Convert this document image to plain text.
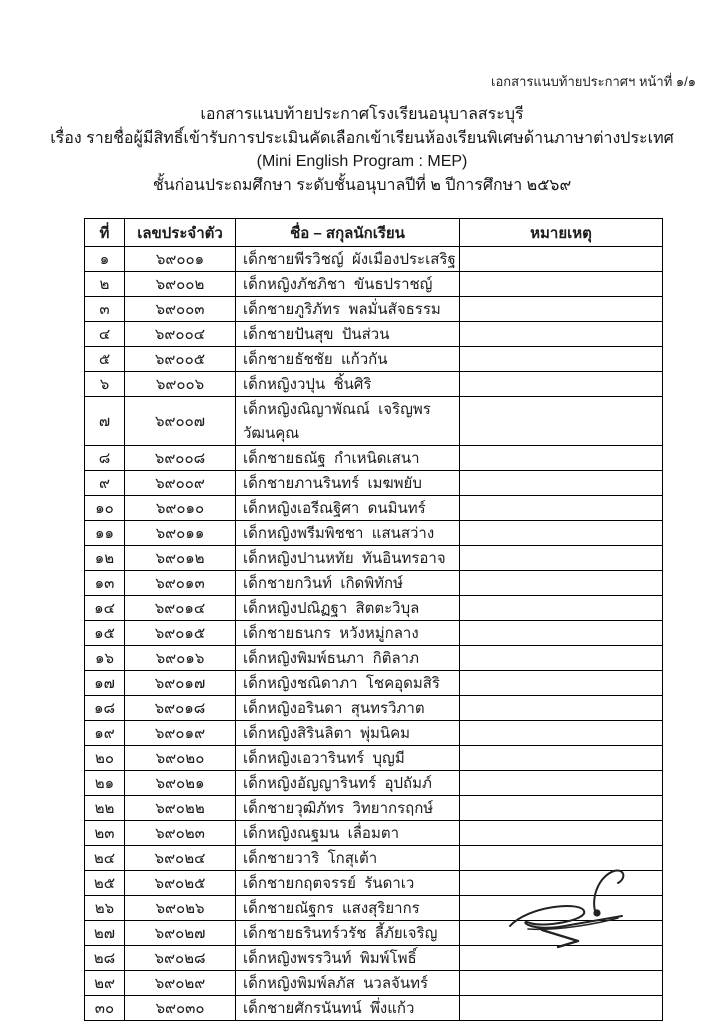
เอกสารแนบท้ายประกาศฯ หน้าที่ ๑/๑
เอกสารแนบท้ายประกาศโรงเรียนอนุบาลสระบุรี
เรื่อง รายชื่อผู้มีสิทธิ์เข้ารับการประเมินคัดเลือกเข้าเรียนห้องเรียนพิเศษด้านภาษาต่างประเทศ
(Mini English Program : MEP)
ชั้นก่อนประถมศึกษา ระดับชั้นอนุบาลปีที่ ๒ ปีการศึกษา ๒๕๖๙
ที่	เลขประจำตัว	ชื่อ – สกุลนักเรียน	หมายเหตุ
๑	๖๙๐๐๑	เด็กชายพีรวิชญ์  ผังเมืองประเสริฐ	
๒	๖๙๐๐๒	เด็กหญิงภัชภิชา  ขันธปราชญ์	
๓	๖๙๐๐๓	เด็กชายภูริภัทร  พลมั่นสัจธรรม	
๔	๖๙๐๐๔	เด็กชายปันสุข  ปันส่วน	
๕	๖๙๐๐๕	เด็กชายธัชชัย  แก้วกัน	
๖	๖๙๐๐๖	เด็กหญิงวปุน  ชิ้นศิริ	
๗	๖๙๐๐๗	เด็กหญิงณิญาพัณณ์  เจริญพรวัฒนคุณ	
๘	๖๙๐๐๘	เด็กชายธณัฐ  กำเหนิดเสนา	
๙	๖๙๐๐๙	เด็กชายภานรินทร์  เมฆพยับ	
๑๐	๖๙๐๑๐	เด็กหญิงเอรีณฐิศา  ดนมินทร์	
๑๑	๖๙๐๑๑	เด็กหญิงพรีมพิชชา  แสนสว่าง	
๑๒	๖๙๐๑๒	เด็กหญิงปานหทัย  ทันอินทรอาจ	
๑๓	๖๙๐๑๓	เด็กชายกวินท์  เกิดพิทักษ์	
๑๔	๖๙๐๑๔	เด็กหญิงปณิฏฐา  สิตตะวิบุล	
๑๕	๖๙๐๑๕	เด็กชายธนกร  หวังหมู่กลาง	
๑๖	๖๙๐๑๖	เด็กหญิงพิมพ์ธนภา  กิติลาภ	
๑๗	๖๙๐๑๗	เด็กหญิงชณิดาภา  โชคอุดมสิริ	
๑๘	๖๙๐๑๘	เด็กหญิงอรินดา  สุนทรวิภาต	
๑๙	๖๙๐๑๙	เด็กหญิงสิรินลิตา  พุ่มนิคม	
๒๐	๖๙๐๒๐	เด็กหญิงเอวารินทร์  บุญมี	
๒๑	๖๙๐๒๑	เด็กหญิงอัญญารินทร์  อุปถัมภ์	
๒๒	๖๙๐๒๒	เด็กชายวุฒิภัทร  วิทยากรฤกษ์	
๒๓	๖๙๐๒๓	เด็กหญิงณฐมน  เลื่อมตา	
๒๔	๖๙๐๒๔	เด็กชายวาริ  โกสุเต้า	
๒๕	๖๙๐๒๕	เด็กชายกฤตจรรย์  รันดาเว	
๒๖	๖๙๐๒๖	เด็กชายณัฐกร  แสงสุริยากร	
๒๗	๖๙๐๒๗	เด็กชายธรินทร์วรัช  ลี้ภัยเจริญ	
๒๘	๖๙๐๒๘	เด็กหญิงพรรวินท์  พิมพ์โพธิ์	
๒๙	๖๙๐๒๙	เด็กหญิงพิมพ์ลภัส  นวลจันทร์	
๓๐	๖๙๐๓๐	เด็กชายศักรนันทน์  พึ่งแก้ว	
